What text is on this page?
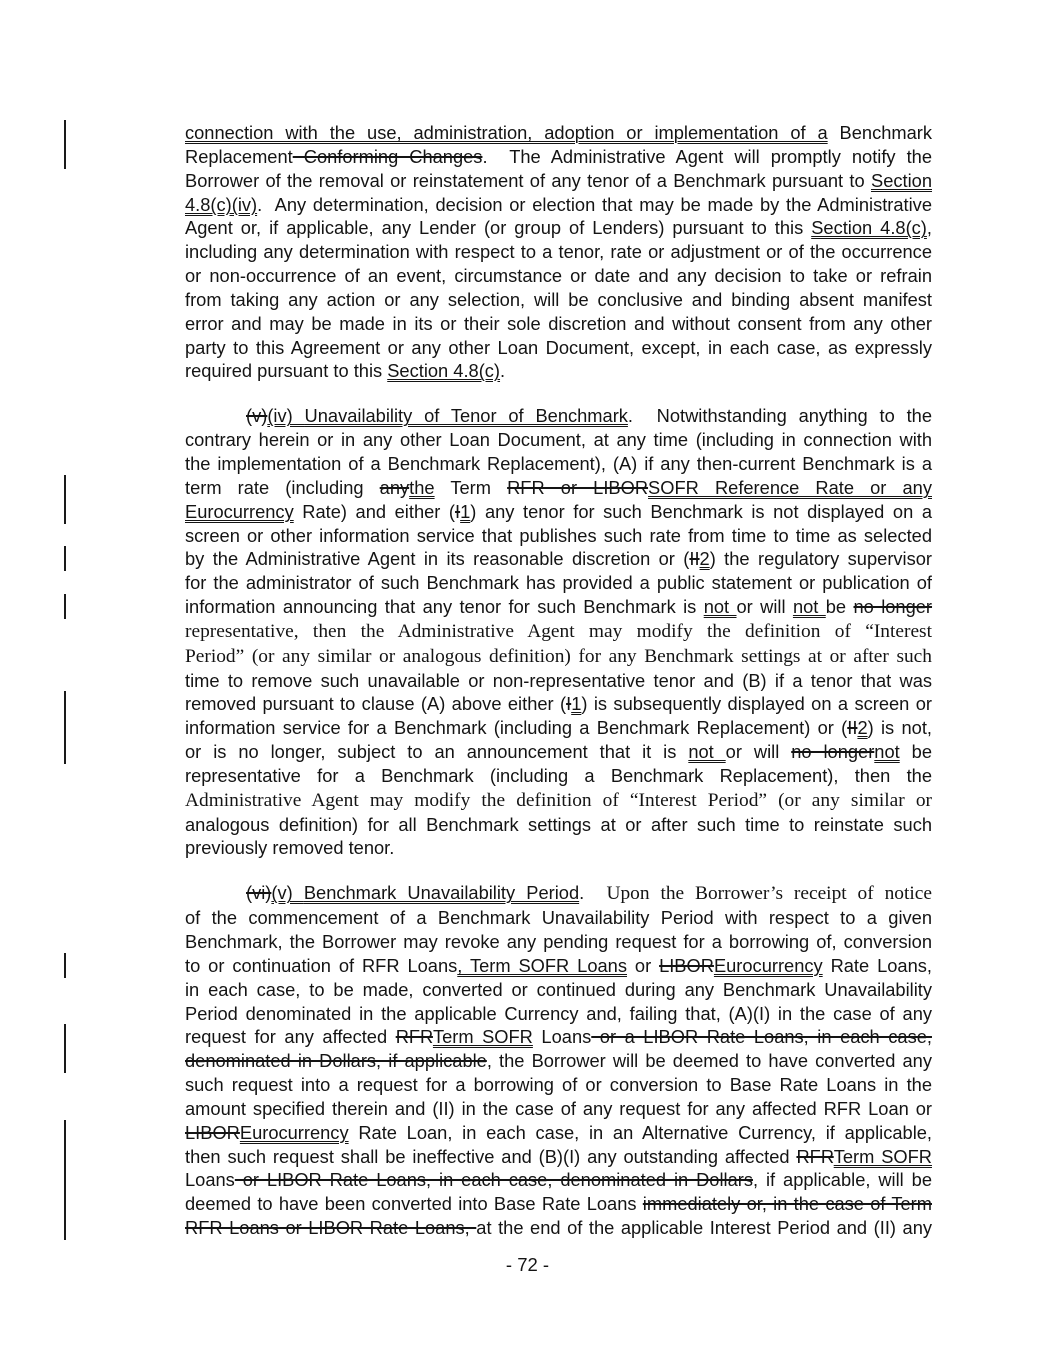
connection with the use, administration, adoption or implementation of a Benchmark
Replacement Conforming Changes.  The Administrative Agent will promptly notify the
Borrower of the removal or reinstatement of any tenor of a Benchmark pursuant to Section
4.8(c)(iv).  Any determination, decision or election that may be made by the Administrative
Agent or, if applicable, any Lender (or group of Lenders) pursuant to this Section 4.8(c),
including any determination with respect to a tenor, rate or adjustment or of the occurrence
or non-occurrence of an event, circumstance or date and any decision to take or refrain
from taking any action or any selection, will be conclusive and binding absent manifest
error and may be made in its or their sole discretion and without consent from any other
party to this Agreement or any other Loan Document, except, in each case, as expressly
required pursuant to this Section 4.8(c).
(v)(iv) Unavailability of Tenor of Benchmark.  Notwithstanding anything to the
contrary herein or in any other Loan Document, at any time (including in connection with
the implementation of a Benchmark Replacement), (A) if any then-current Benchmark is a
term rate (including anythe Term RFR or LIBORSOFR Reference Rate or any
Eurocurrency Rate) and either (I1) any tenor for such Benchmark is not displayed on a
screen or other information service that publishes such rate from time to time as selected
by the Administrative Agent in its reasonable discretion or (II2) the regulatory supervisor
for the administrator of such Benchmark has provided a public statement or publication of
information announcing that any tenor for such Benchmark is not or will not be no longer
representative, then the Administrative Agent may modify the definition of “Interest
Period” (or any similar or analogous definition) for any Benchmark settings at or after such
time to remove such unavailable or non-representative tenor and (B) if a tenor that was
removed pursuant to clause (A) above either (I1) is subsequently displayed on a screen or
information service for a Benchmark (including a Benchmark Replacement) or (II2) is not,
or is no longer, subject to an announcement that it is not or will no longernot be
representative for a Benchmark (including a Benchmark Replacement), then the
Administrative Agent may modify the definition of “Interest Period” (or any similar or
analogous definition) for all Benchmark settings at or after such time to reinstate such
previously removed tenor.
(vi)(v) Benchmark Unavailability Period.  Upon the Borrower’s receipt of notice
of the commencement of a Benchmark Unavailability Period with respect to a given
Benchmark, the Borrower may revoke any pending request for a borrowing of, conversion
to or continuation of RFR Loans, Term SOFR Loans or LIBOREurocurrency Rate Loans,
in each case, to be made, converted or continued during any Benchmark Unavailability
Period denominated in the applicable Currency and, failing that, (A)(I) in the case of any
request for any affected RFRTerm SOFR Loans or a LIBOR Rate Loans, in each case,
denominated in Dollars, if applicable, the Borrower will be deemed to have converted any
such request into a request for a borrowing of or conversion to Base Rate Loans in the
amount specified therein and (II) in the case of any request for any affected RFR Loan or
LIBOREurocurrency Rate Loan, in each case, in an Alternative Currency, if applicable,
then such request shall be ineffective and (B)(I) any outstanding affected RFRTerm SOFR
Loans or LIBOR Rate Loans, in each case, denominated in Dollars, if applicable, will be
deemed to have been converted into Base Rate Loans immediately or, in the case of Term
RFR Loans or LIBOR Rate Loans, at the end of the applicable Interest Period and (II) any
- 72 -
